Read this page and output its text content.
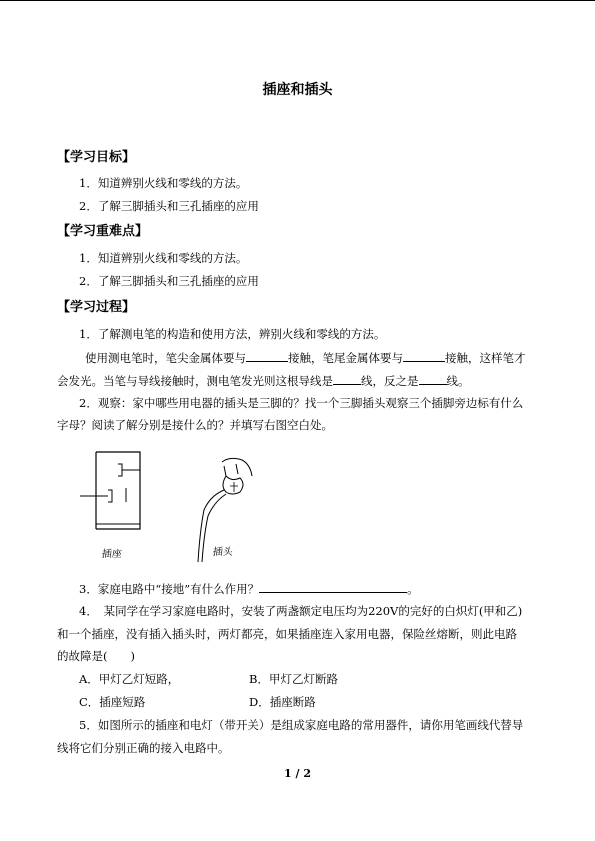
插座和插头
【学习目标】
1．知道辨别火线和零线的方法。
2．了解三脚插头和三孔插座的应用
【学习重难点】
1．知道辨别火线和零线的方法。
2．了解三脚插头和三孔插座的应用
【学习过程】
1．了解测电笔的构造和使用方法，辨别火线和零线的方法。
使用测电笔时，笔尖金属体要与	接触，笔尾金属体要与	接触，这样笔才
会发光。当笔与导线接触时，测电笔发光则这根导线是 线，反之是 线。
2．观察：家中哪些用电器的插头是三脚的？找一个三脚插头观察三个插脚旁边标有什么
字母？阅读了解分别是接什么的？并填写右图空白处。
插座	插头
3．家庭电路中“接地”有什么作用？	。
4．　某同学在学习家庭电路时，安装了两盏额定电压均为220V的完好的白炽灯(甲和乙)
和一个插座，没有插入插头时，两灯都亮，如果插座连入家用电器，保险丝熔断，则此电路
的故障是(　　)
A．甲灯乙灯短路，	B．甲灯乙灯断路
C．插座短路	D．插座断路
5．如图所示的插座和电灯（带开关）是组成家庭电路的常用器件，请你用笔画线代替导
线将它们分别正确的接入电路中。
1 / 2
